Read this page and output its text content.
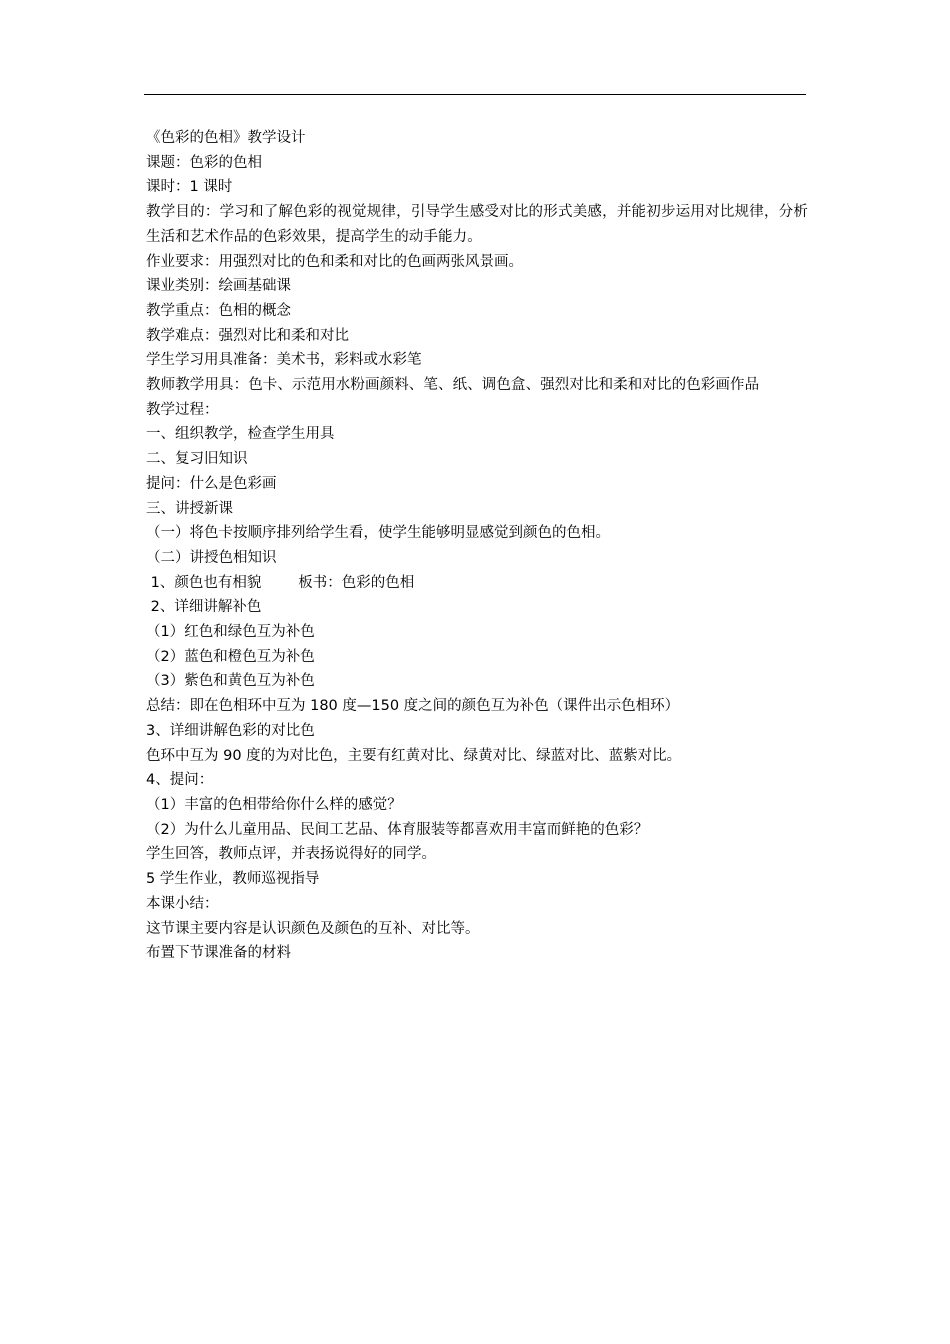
《色彩的色相》教学设计
课题：色彩的色相
课时：1 课时
教学目的：学习和了解色彩的视觉规律，引导学生感受对比的形式美感，并能初步运用对比规律，分析生活和艺术作品的色彩效果，提高学生的动手能力。
作业要求：用强烈对比的色和柔和对比的色画两张风景画。
课业类别：绘画基础课
教学重点：色相的概念
教学难点：强烈对比和柔和对比
学生学习用具准备：美术书，彩料或水彩笔
教师教学用具：色卡、示范用水粉画颜料、笔、纸、调色盒、强烈对比和柔和对比的色彩画作品
教学过程：
一、组织教学，检查学生用具
二、复习旧知识
提问：什么是色彩画
三、讲授新课
（一）将色卡按顺序排列给学生看，使学生能够明显感觉到颜色的色相。
（二）讲授色相知识
1、颜色也有相貌        板书：色彩的色相
2、详细讲解补色
（1）红色和绿色互为补色
（2）蓝色和橙色互为补色
（3）紫色和黄色互为补色
总结：即在色相环中互为 180 度—150 度之间的颜色互为补色（课件出示色相环）
3、详细讲解色彩的对比色
色环中互为 90 度的为对比色，主要有红黄对比、绿黄对比、绿蓝对比、蓝紫对比。
4、提问：
（1）丰富的色相带给你什么样的感觉？
（2）为什么儿童用品、民间工艺品、体育服装等都喜欢用丰富而鲜艳的色彩？
学生回答，教师点评，并表扬说得好的同学。
5 学生作业，教师巡视指导
本课小结：
这节课主要内容是认识颜色及颜色的互补、对比等。
布置下节课准备的材料
